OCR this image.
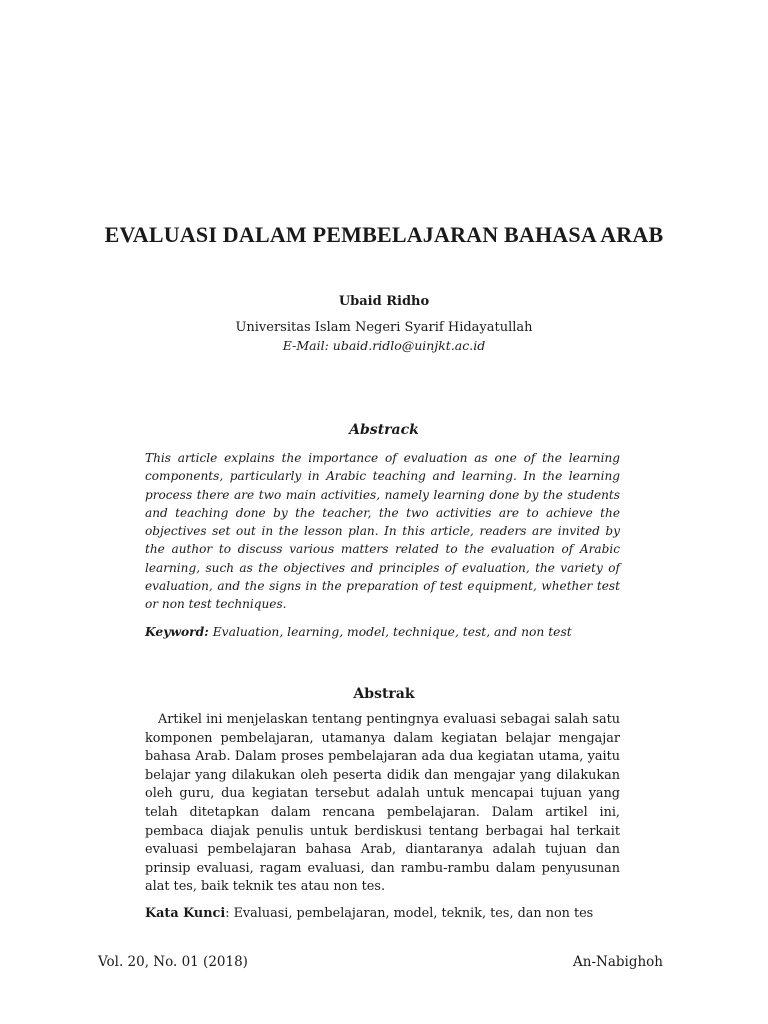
EVALUASI DALAM PEMBELAJARAN BAHASA ARAB
Ubaid Ridho
Universitas Islam Negeri Syarif Hidayatullah
E-Mail: ubaid.ridlo@uinjkt.ac.id
Abstrack

This article explains the importance of evaluation as one of the learning components, particularly in Arabic teaching and learning. In the learning process there are two main activities, namely learning done by the students and teaching done by the teacher, the two activities are to achieve the objectives set out in the lesson plan. In this article, readers are invited by the author to discuss various matters related to the evaluation of Arabic learning, such as the objectives and principles of evaluation, the variety of evaluation, and the signs in the preparation of test equipment, whether test or non test techniques.

Keyword: Evaluation, learning, model, technique, test, and non test
Abstrak

Artikel ini menjelaskan tentang pentingnya evaluasi sebagai salah satu komponen pembelajaran, utamanya dalam kegiatan belajar mengajar bahasa Arab. Dalam proses pembelajaran ada dua kegiatan utama, yaitu belajar yang dilakukan oleh peserta didik dan mengajar yang dilakukan oleh guru, dua kegiatan tersebut adalah untuk mencapai tujuan yang telah ditetapkan dalam rencana pembelajaran. Dalam artikel ini, pembaca diajak penulis untuk berdiskusi tentang berbagai hal terkait evaluasi pembelajaran bahasa Arab, diantaranya adalah tujuan dan prinsip evaluasi, ragam evaluasi, dan rambu-rambu dalam penyusunan alat tes, baik teknik tes atau non tes.

Kata Kunci: Evaluasi, pembelajaran, model, teknik, tes, dan non tes
Vol. 20, No. 01 (2018)	An-Nabighoh
